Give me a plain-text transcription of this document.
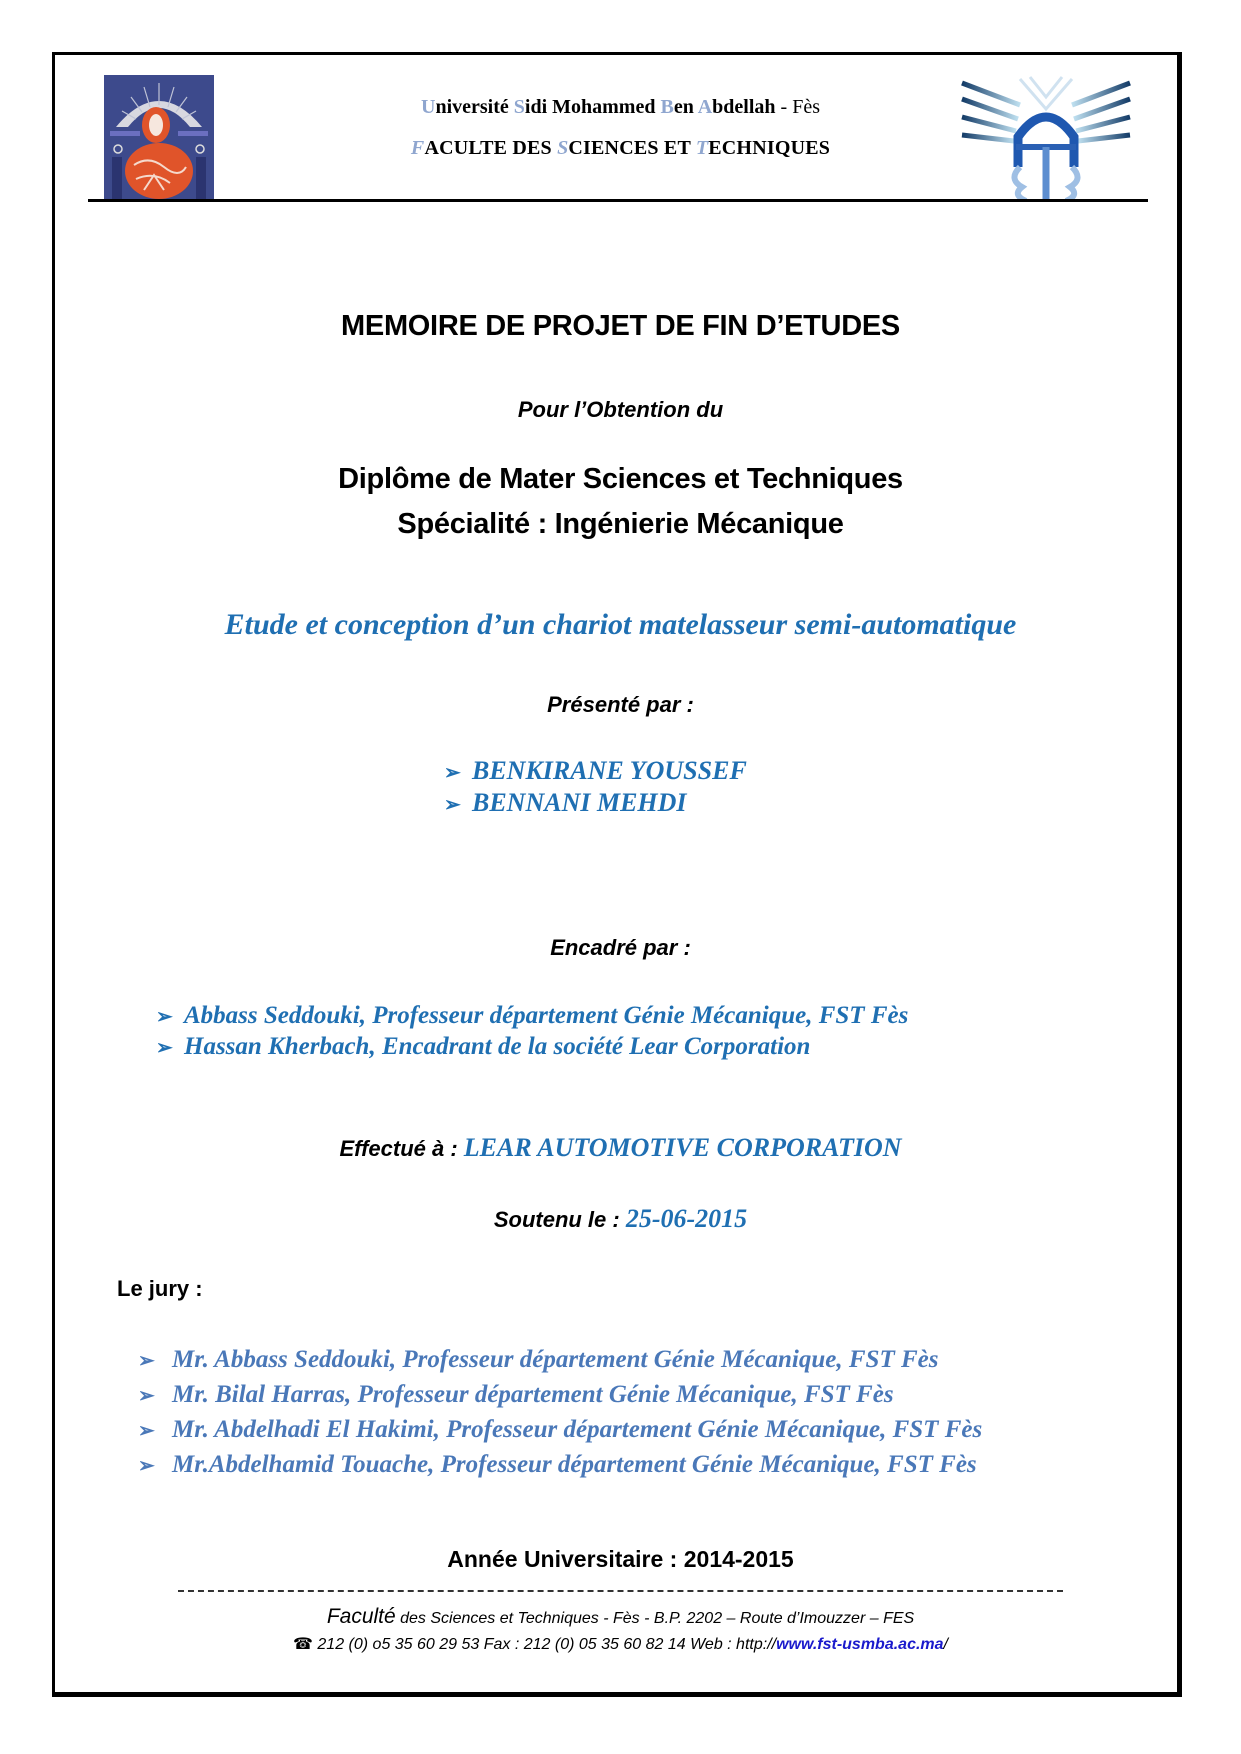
Université Sidi Mohammed Ben Abdellah - Fès
FACULTE DES SCIENCES ET TECHNIQUES
MEMOIRE DE PROJET DE FIN D’ETUDES
Pour l’Obtention du
Diplôme de Mater Sciences et Techniques
Spécialité : Ingénierie Mécanique
Etude et conception d’un chariot matelasseur semi-automatique
Présenté par :
➢ BENKIRANE YOUSSEF
➢ BENNANI MEHDI
Encadré par :
➢ Abbass Seddouki, Professeur département Génie Mécanique, FST Fès
➢ Hassan Kherbach, Encadrant de la société Lear Corporation
Effectué à : LEAR AUTOMOTIVE CORPORATION
Soutenu le : 25-06-2015
Le jury :
➢ Mr. Abbass Seddouki, Professeur département Génie Mécanique, FST Fès
➢ Mr. Bilal Harras, Professeur département Génie Mécanique, FST Fès
➢ Mr. Abdelhadi El Hakimi, Professeur département Génie Mécanique, FST Fès
➢ Mr.Abdelhamid Touache, Professeur département Génie Mécanique, FST Fès
Année Universitaire : 2014-2015
Faculté des Sciences et Techniques - Fès - B.P. 2202 – Route d’Imouzzer – FES
☎ 212 (0) o5 35 60 29 53 Fax : 212 (0) 05 35 60 82 14 Web : http://www.fst-usmba.ac.ma/
